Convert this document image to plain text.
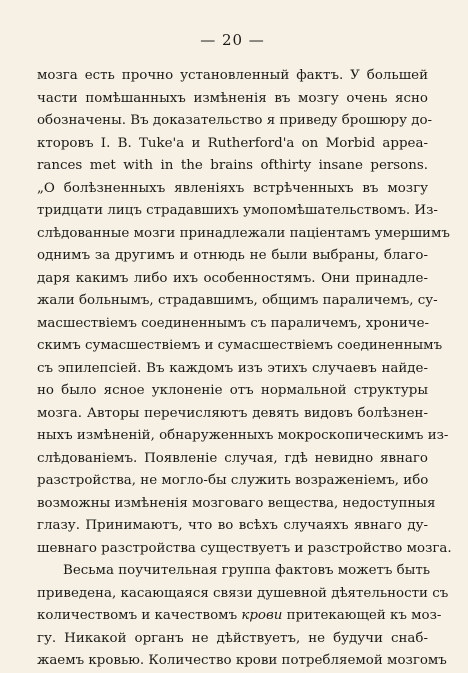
— 20 —
мозга есть прочно установленный фактъ. У большей
части помѣшанныхъ измѣненія въ мозгу очень ясно
обозначены. Въ доказательство я приведу брошюру до-
кторовъ I. B. Tuke'a и Rutherford'a on Morbid appea-
rances met with in the brains ofthirty insane persons.
„О болѣзненныхъ явленіяхъ встрѣченныхъ въ мозгу
тридцати лицъ страдавшихъ умопомѣшательствомъ. Из-
слѣдованные мозги принадлежали паціентамъ умершимъ
однимъ за другимъ и отнюдь не были выбраны, благо-
даря какимъ либо ихъ особенностямъ. Они принадле-
жали больнымъ, страдавшимъ, общимъ параличемъ, су-
масшествіемъ соединеннымъ съ параличемъ, хрониче-
скимъ сумасшествіемъ и сумасшествіемъ соединеннымъ
съ эпилепсіей. Въ каждомъ изъ этихъ случаевъ найде-
но было ясное уклоненіе отъ нормальной структуры
мозга. Авторы перечисляютъ девять видовъ болѣзнен-
ныхъ измѣненій, обнаруженныхъ мокроскопическимъ из-
слѣдованіемъ. Появленіе случая, гдѣ невидно явнаго
разстройства, не могло-бы служить возраженіемъ, ибо
возможны измѣненія мозговаго вещества, недоступныя
глазу. Принимаютъ, что во всѣхъ случаяхъ явнаго ду-
шевнаго разстройства существуетъ и разстройство мозга.
Весьма поучительная группа фактовъ можетъ быть
приведена, касающаяся связи душевной дѣятельности съ
количествомъ и качествомъ крови притекающей къ моз-
гу. Никакой органъ не дѣйствуетъ, не будучи снаб-
жаемъ кровью. Количество крови потребляемой мозгомъ
